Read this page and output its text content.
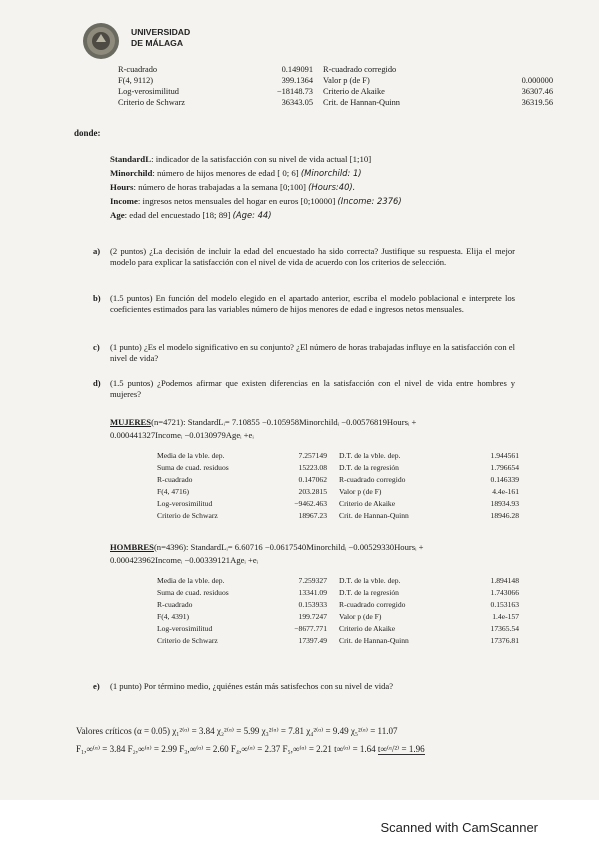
UNIVERSIDAD
DE MÁLAGA
R-cuadrado	0.149091	R-cuadrado corregido	
F(4, 9112)	399.1364	Valor p (de F)	0.000000
Log-verosimilitud	−18148.73	Criterio de Akaike	36307.46
Criterio de Schwarz	36343.05	Crit. de Hannan-Quinn	36319.56
donde:
StandardL: indicador de la satisfacción con su nivel de vida actual [1;10]
Minorchild: número de hijos menores de edad [ 0; 6] (Minorchild: 1)
Hours: número de horas trabajadas a la semana [0;100] (Hours:40).
Income: ingresos netos mensuales del hogar en euros [0;10000] (Income: 2376)
Age: edad del encuestado [18; 89] (Age: 44)
a) (2 puntos) ¿La decisión de incluir la edad del encuestado ha sido correcta? Justifique su respuesta. Elija el mejor modelo para explicar la satisfacción con el nivel de vida de acuerdo con los criterios de selección.
b) (1.5 puntos) En función del modelo elegido en el apartado anterior, escriba el modelo poblacional e interprete los coeficientes estimados para las variables número de hijos menores de edad e ingresos netos mensuales.
c) (1 punto) ¿Es el modelo significativo en su conjunto? ¿El número de horas trabajadas influye en la satisfacción con el nivel de vida?
d) (1.5 puntos) ¿Podemos afirmar que existen diferencias en la satisfacción con el nivel de vida entre hombres y mujeres?
MUJERES(n=4721): StandardLᵢ= 7.10855 −0.105958Minorchildᵢ −0.00576819Hoursᵢ +
0.000441327Incomeᵢ −0.0130979Ageᵢ +eᵢ
Media de la vble. dep.	7.257149	D.T. de la vble. dep.	1.944561
Suma de cuad. residuos	15223.08	D.T. de la regresión	1.796654
R-cuadrado	0.147062	R-cuadrado corregido	0.146339
F(4, 4716)	203.2815	Valor p (de F)	4.4e-161
Log-verosimilitud	−9462.463	Criterio de Akaike	18934.93
Criterio de Schwarz	18967.23	Crit. de Hannan-Quinn	18946.28
HOMBRES(n=4396): StandardLᵢ= 6.60716 −0.0617540Minorchildᵢ −0.00529330Hoursᵢ +
0.000423962Incomeᵢ −0.00339121Ageᵢ +eᵢ
Media de la vble. dep.	7.259327	D.T. de la vble. dep.	1.894148
Suma de cuad. residuos	13341.09	D.T. de la regresión	1.743066
R-cuadrado	0.153933	R-cuadrado corregido	0.153163
F(4, 4391)	199.7247	Valor p (de F)	1.4e-157
Log-verosimilitud	−8677.771	Criterio de Akaike	17365.54
Criterio de Schwarz	17397.49	Crit. de Hannan-Quinn	17376.81
e) (1 punto) Por término medio, ¿quiénes están más satisfechos con su nivel de vida?
Valores críticos (α = 0.05) χ₁²⁽ᵅ⁾ = 3.84 χ₂²⁽ᵅ⁾ = 5.99 χ₃²⁽ᵅ⁾ = 7.81 χ₄²⁽ᵅ⁾ = 9.49 χ₅²⁽ᵅ⁾ = 11.07
F₁,∞⁽ᵅ⁾ = 3.84 F₂,∞⁽ᵅ⁾ = 2.99 F₃,∞⁽ᵅ⁾ = 2.60 F₄,∞⁽ᵅ⁾ = 2.37 F₅,∞⁽ᵅ⁾ = 2.21 t∞⁽ᵅ⁾ = 1.64 t∞⁽ᵅ/²⁾ = 1.96
Scanned with CamScanner
